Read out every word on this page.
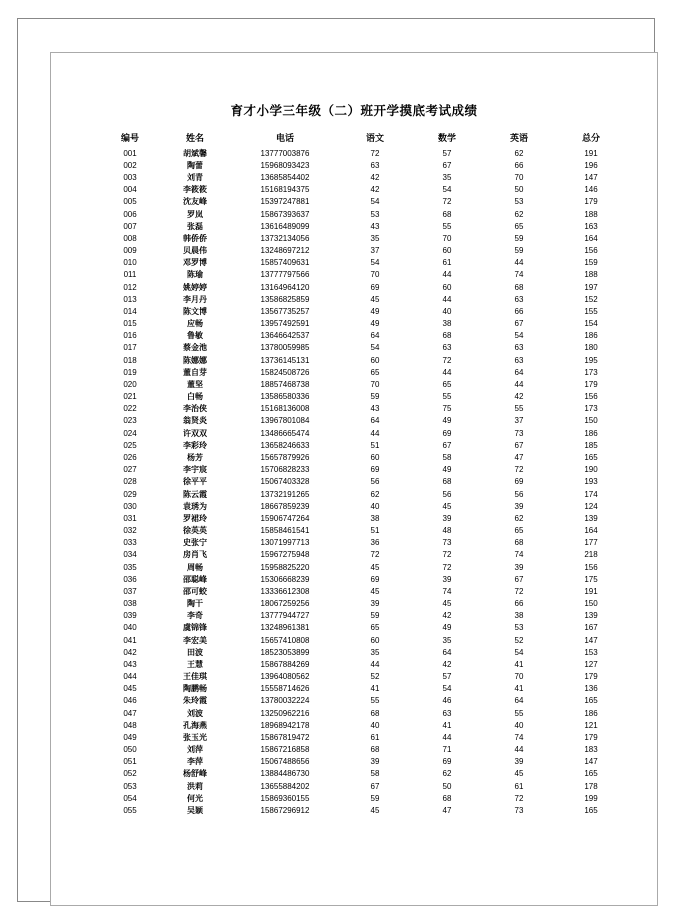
育才小学三年级（二）班开学摸底考试成绩
编号	姓名	电话	语文	数学	英语	总分
001	胡斌馨	13777003876	72	57	62	191
002	陶蕾	15968093423	63	67	66	196
003	刘青	13685854402	42	35	70	147
004	李筱筱	15168194375	42	54	50	146
005	沈友峰	15397247881	54	72	53	179
006	罗岚	15867393637	53	68	62	188
007	张磊	13616489099	43	55	65	163
008	韩侨侨	13732134056	35	70	59	164
009	贝晨伟	13248697212	37	60	59	156
010	邓罗博	15857409631	54	61	44	159
011	陈瑜	13777797566	70	44	74	188
012	姚婷婷	13164964120	69	60	68	197
013	李月丹	13586825859	45	44	63	152
014	陈文博	13567735257	49	40	66	155
015	应畅	13957492591	49	38	67	154
016	鲁敏	13646642537	64	68	54	186
017	蔡金池	13780059985	54	63	63	180
018	陈娜娜	13736145131	60	72	63	195
019	董自芽	15824508726	65	44	64	173
020	董坚	18857468738	70	65	44	179
021	白畅	13586580336	59	55	42	156
022	李治侠	15168136008	43	75	55	173
023	翁贤炎	13967801084	64	49	37	150
024	许双双	13486665474	44	69	73	186
025	李彩玲	13658246633	51	67	67	185
026	杨芳	15657879926	60	58	47	165
027	李宇宸	15706828233	69	49	72	190
028	徐平平	15067403328	56	68	69	193
029	陈云霞	13732191265	62	56	56	174
030	袁琇为	18667859239	40	45	39	124
031	罗裙玲	15906747264	38	39	62	139
032	徐英英	15858461541	51	48	65	164
033	史张宁	13071997713	36	73	68	177
034	房肖飞	15967275948	72	72	74	218
035	周畅	15958825220	45	72	39	156
036	邵聪峰	15306668239	69	39	67	175
037	邵可蛟	13336612308	45	74	72	191
038	陶干	18067259256	39	45	66	150
039	李奇	13777944727	59	42	38	139
040	虞锦锋	13248961381	65	49	53	167
041	李宏美	15657410808	60	35	52	147
042	田波	18523053899	35	64	54	153
043	王慧	15867884269	44	42	41	127
044	王佳琪	13964080562	52	57	70	179
045	陶鹏畅	15558714626	41	54	41	136
046	朱玲霞	13780032224	55	46	64	165
047	刘波	13250962216	68	63	55	186
048	孔海燕	18968942178	40	41	40	121
049	张玉光	15867819472	61	44	74	179
050	刘萍	15867216858	68	71	44	183
051	李萍	15067488656	39	69	39	147
052	杨舒峰	13884486730	58	62	45	165
053	洪莉	13655884202	67	50	61	178
054	何光	15869360155	59	68	72	199
055	吴颖	15867296912	45	47	73	165
